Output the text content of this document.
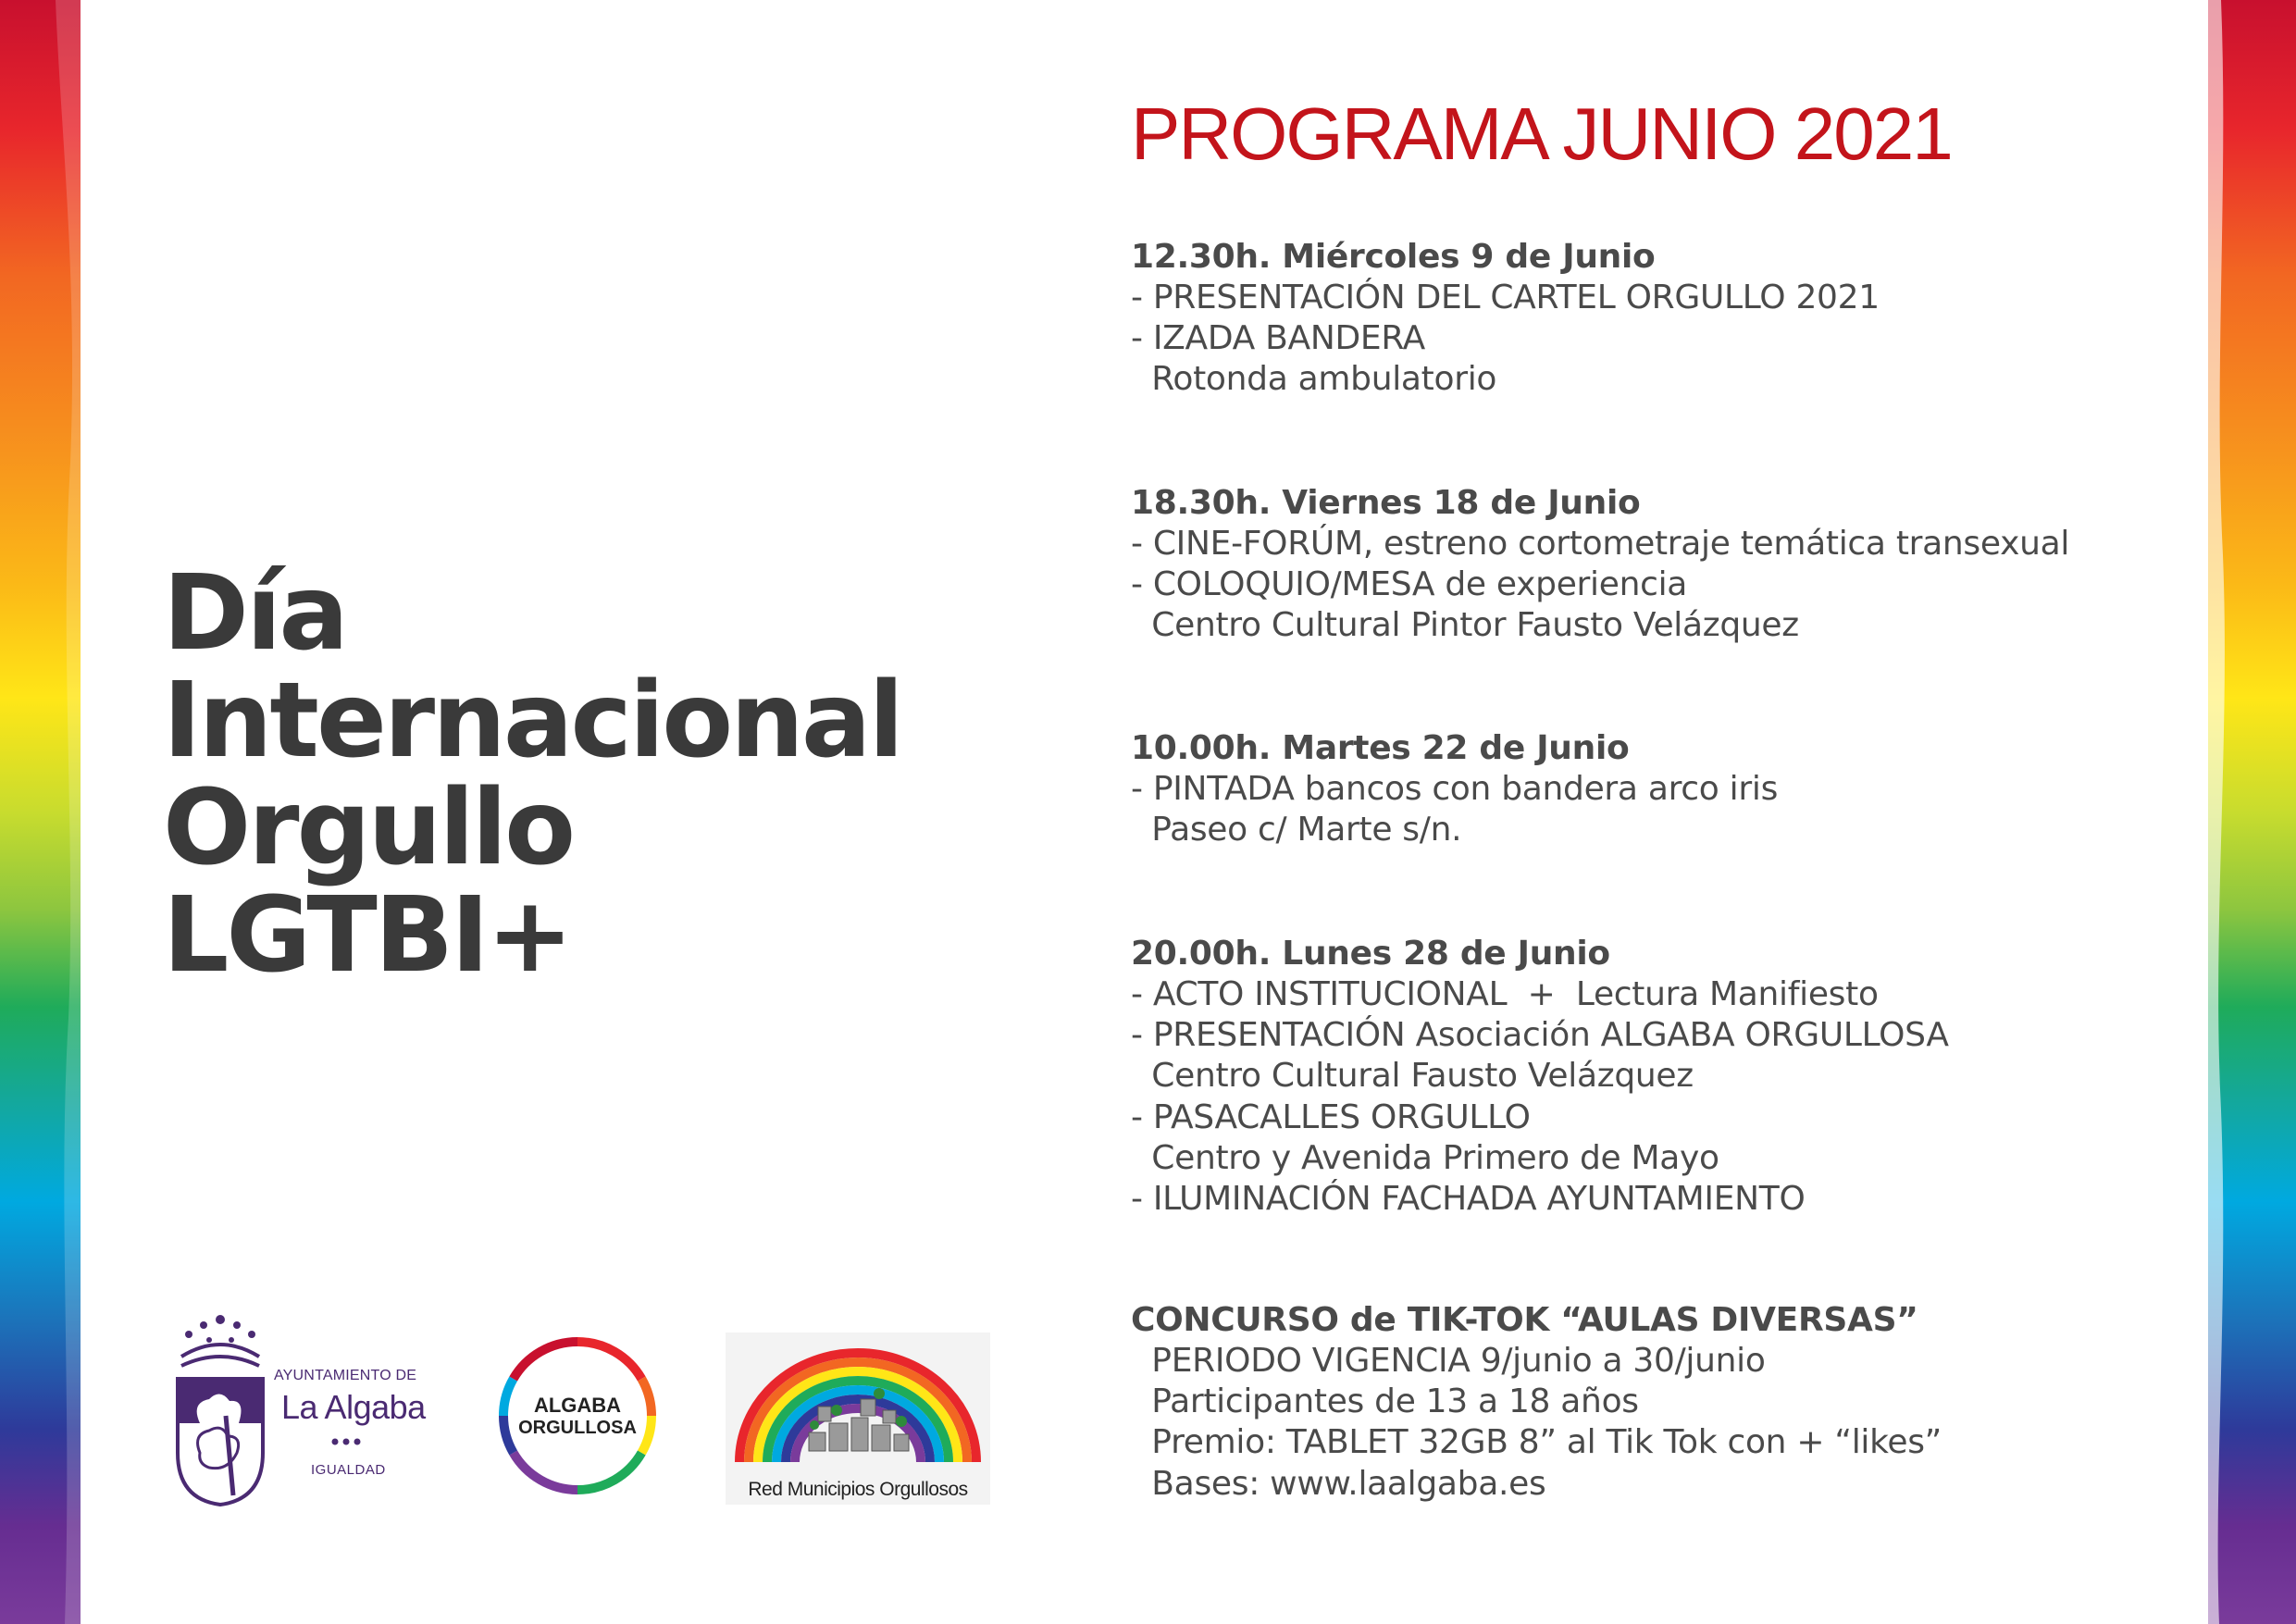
Día
Internacional
Orgullo
LGTBI+
PROGRAMA JUNIO 2021
12.30h. Miércoles 9 de Junio
- PRESENTACIÓN DEL CARTEL ORGULLO 2021
- IZADA BANDERA
Rotonda ambulatorio
18.30h. Viernes 18 de Junio
- CINE-FORÚM, estreno cortometraje temática transexual
- COLOQUIO/MESA de experiencia
Centro Cultural Pintor Fausto Velázquez
10.00h. Martes 22 de Junio
- PINTADA bancos con bandera arco iris
Paseo c/ Marte s/n.
20.00h. Lunes 28 de Junio
- ACTO INSTITUCIONAL  +  Lectura Manifiesto
- PRESENTACIÓN Asociación ALGABA ORGULLOSA
Centro Cultural Fausto Velázquez
- PASACALLES ORGULLO
Centro y Avenida Primero de Mayo
- ILUMINACIÓN FACHADA AYUNTAMIENTO
CONCURSO de TIK-TOK “AULAS DIVERSAS”
PERIODO VIGENCIA 9/junio a 30/junio
Participantes de 13 a 18 años
Premio: TABLET 32GB 8” al Tik Tok con + “likes”
Bases: www.laalgaba.es
AYUNTAMIENTO DE
La Algaba
IGUALDAD
ALGABA
ORGULLOSA
Red Municipios Orgullosos
